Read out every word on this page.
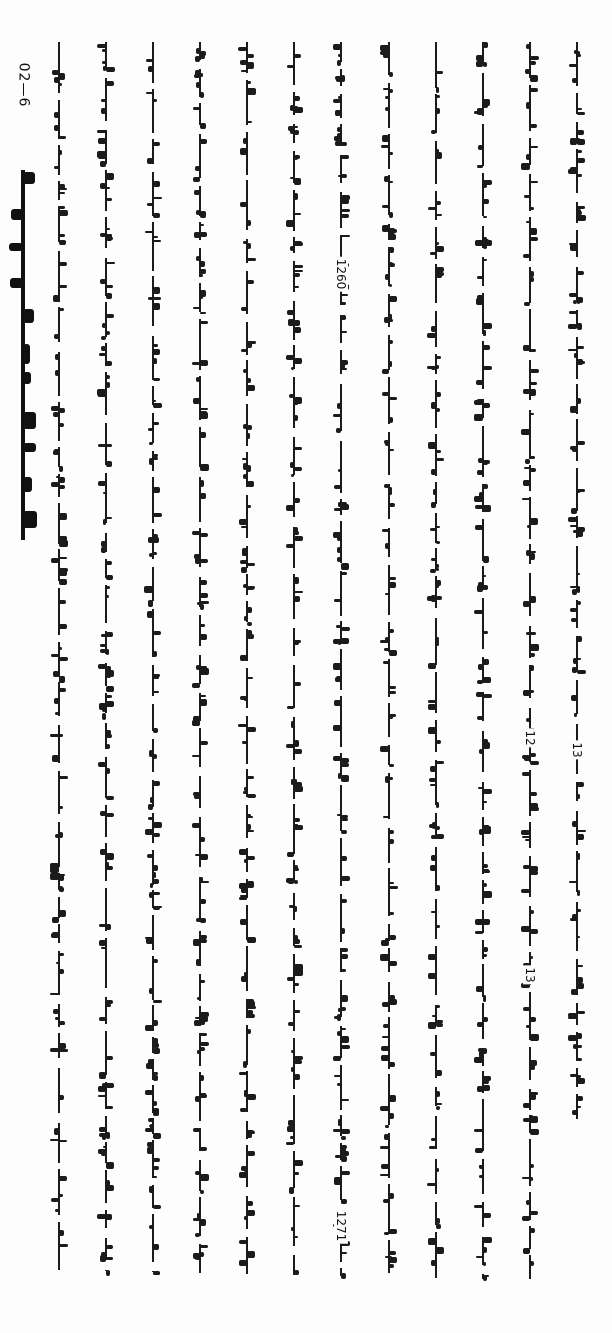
02—6
1260
1271
12
13
13
